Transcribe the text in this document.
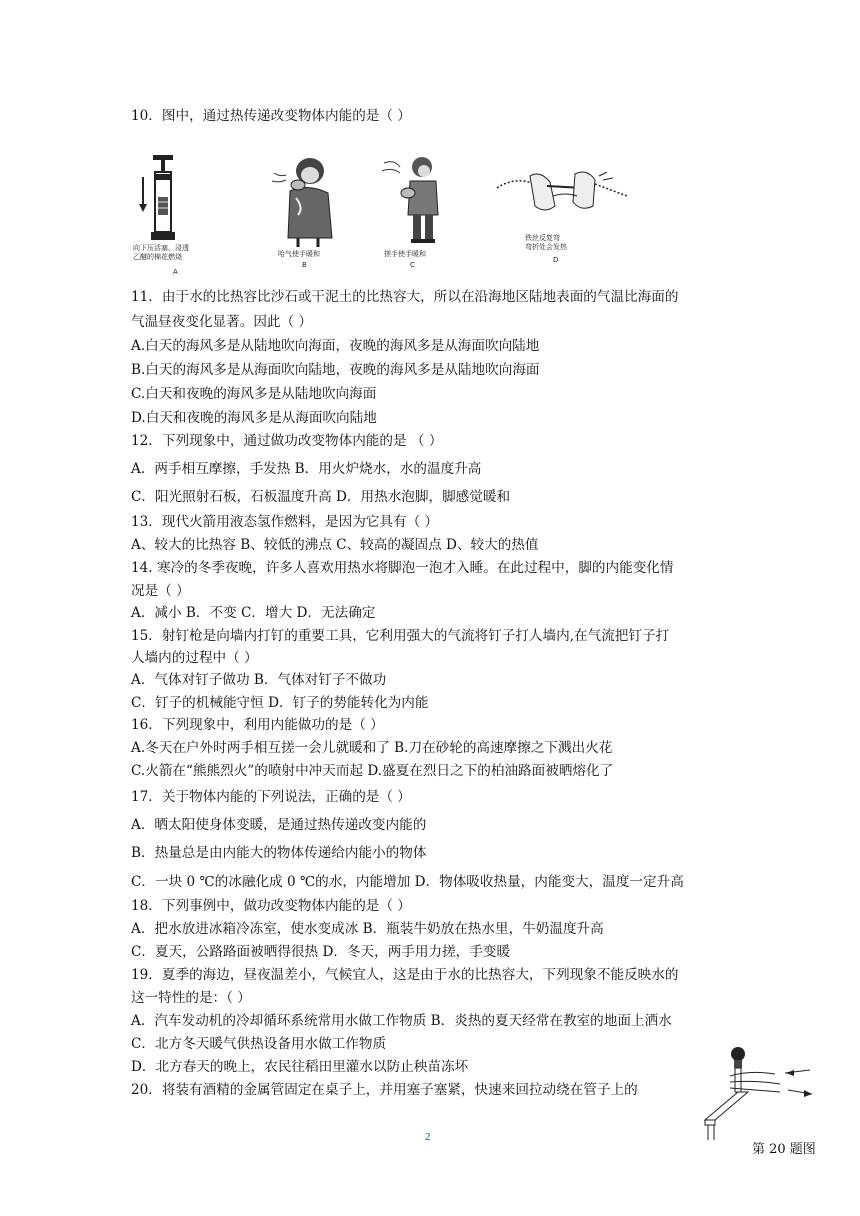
10．图中，通过热传递改变物体内能的是（ ）
向下压活塞，浸透
乙醚的棉花燃烧
A
哈气使手暖和
B
搓手使手暖和
C
铁丝反复弯
弯折处会发热
D
11．由于水的比热容比沙石或干泥土的比热容大，所以在沿海地区陆地表面的气温比海面的
气温昼夜变化显著。因此（ ）
A.白天的海风多是从陆地吹向海面，夜晚的海风多是从海面吹向陆地
B.白天的海风多是从海面吹向陆地，夜晚的海风多是从陆地吹向海面
C.白天和夜晚的海风多是从陆地吹向海面
D.白天和夜晚的海风多是从海面吹向陆地
12．下列现象中，通过做功改变物体内能的是 （ ）
A．两手相互摩擦，手发热 B．用火炉烧水，水的温度升高
C．阳光照射石板，石板温度升高 D．用热水泡脚，脚感觉暖和
13．现代火箭用液态氢作燃料，是因为它具有（ ）
A、较大的比热容 B、较低的沸点 C、较高的凝固点 D、较大的热值
14. 寒冷的冬季夜晚，许多人喜欢用热水将脚泡一泡才入睡。在此过程中，脚的内能变化情
况是（ ）
A．减小 B．不变 C．增大 D．无法确定
15．射钉枪是向墙内打钉的重要工具，它利用强大的气流将钉子打人墙内,在气流把钉子打
人墙内的过程中（ ）
A．气体对钉子做功 B．气体对钉子不做功
C．钉子的机械能守恒 D．钉子的势能转化为内能
16．下列现象中，利用内能做功的是（ ）
A.冬天在户外时两手相互搓一会儿就暖和了 B.刀在砂轮的高速摩擦之下溅出火花
C.火箭在“熊熊烈火”的喷射中冲天而起 D.盛夏在烈日之下的柏油路面被晒熔化了
17．关于物体内能的下列说法，正确的是（ ）
A．晒太阳使身体变暖，是通过热传递改变内能的
B．热量总是由内能大的物体传递给内能小的物体
C．一块 0 ℃的冰融化成 0 ℃的水，内能增加 D．物体吸收热量，内能变大，温度一定升高
18．下列事例中，做功改变物体内能的是（ ）
A．把水放进冰箱冷冻室，使水变成冰 B．瓶装牛奶放在热水里，牛奶温度升高
C．夏天，公路路面被晒得很热 D．冬天，两手用力搓，手变暖
19．夏季的海边，昼夜温差小，气候宜人，这是由于水的比热容大，下列现象不能反映水的
这一特性的是：（ ）
A．汽车发动机的冷却循环系统常用水做工作物质 B．炎热的夏天经常在教室的地面上洒水
C．北方冬天暖气供热设备用水做工作物质
D．北方春天的晚上，农民往稻田里灌水以防止秧苗冻坏
20．将装有酒精的金属管固定在桌子上，并用塞子塞紧，快速来回拉动绕在管子上的
第 20 题图
2
